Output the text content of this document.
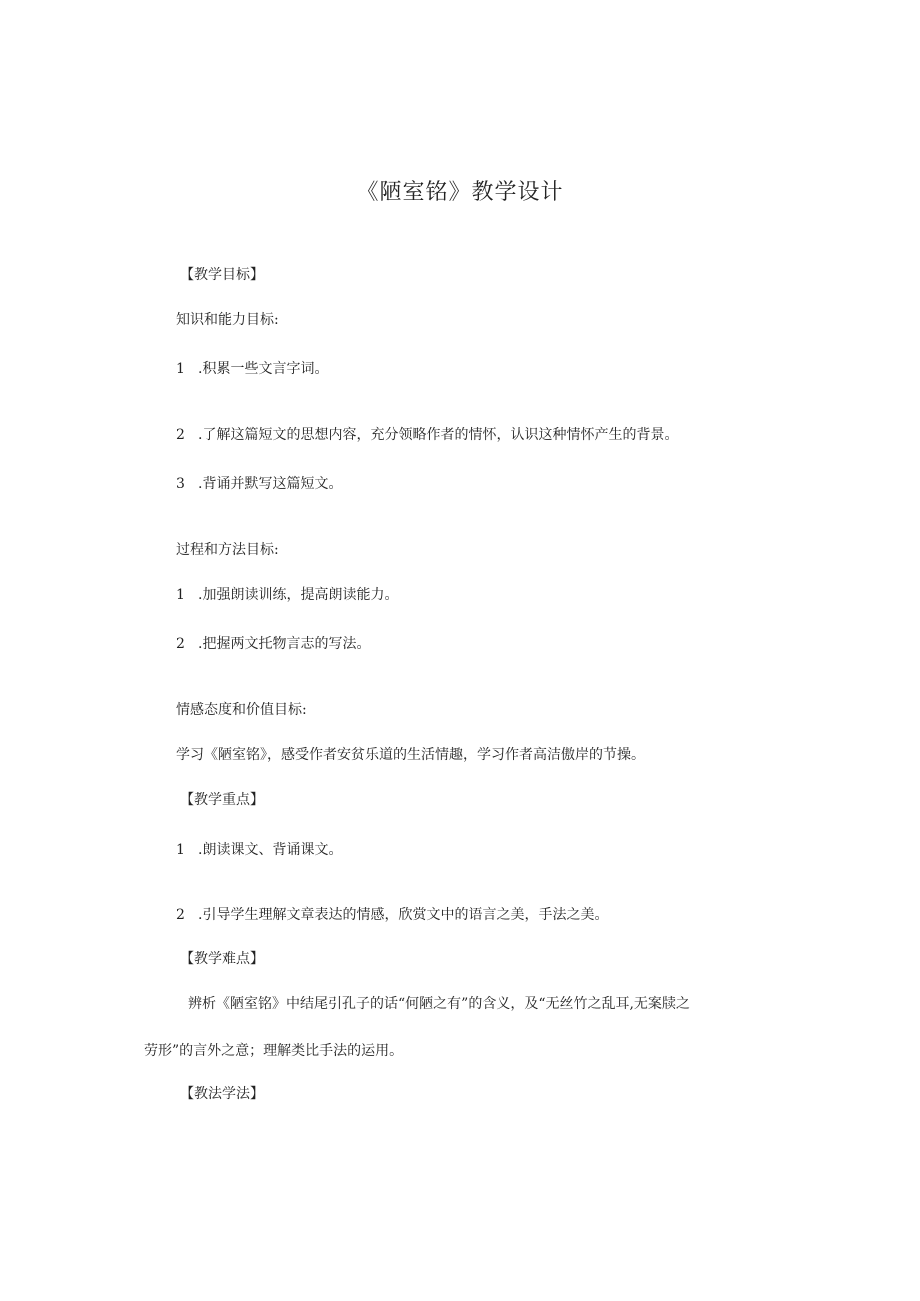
《陋室铭》教学设计
【教学目标】
知识和能力目标:
1 .积累一些文言字词。
2 .了解这篇短文的思想内容，充分领略作者的情怀，认识这种情怀产生的背景。
3 .背诵并默写这篇短文。
过程和方法目标:
1 .加强朗读训练，提高朗读能力。
2 .把握两文托物言志的写法。
情感态度和价值目标:
学习《陋室铭》，感受作者安贫乐道的生活情趣，学习作者高洁傲岸的节操。
【教学重点】
1 .朗读课文、背诵课文。
2 .引导学生理解文章表达的情感，欣赏文中的语言之美，手法之美。
【教学难点】
辨析《陋室铭》中结尾引孔子的话“何陋之有”的含义，及“无丝竹之乱耳,无案牍之
劳形”的言外之意；理解类比手法的运用。
【教法学法】
